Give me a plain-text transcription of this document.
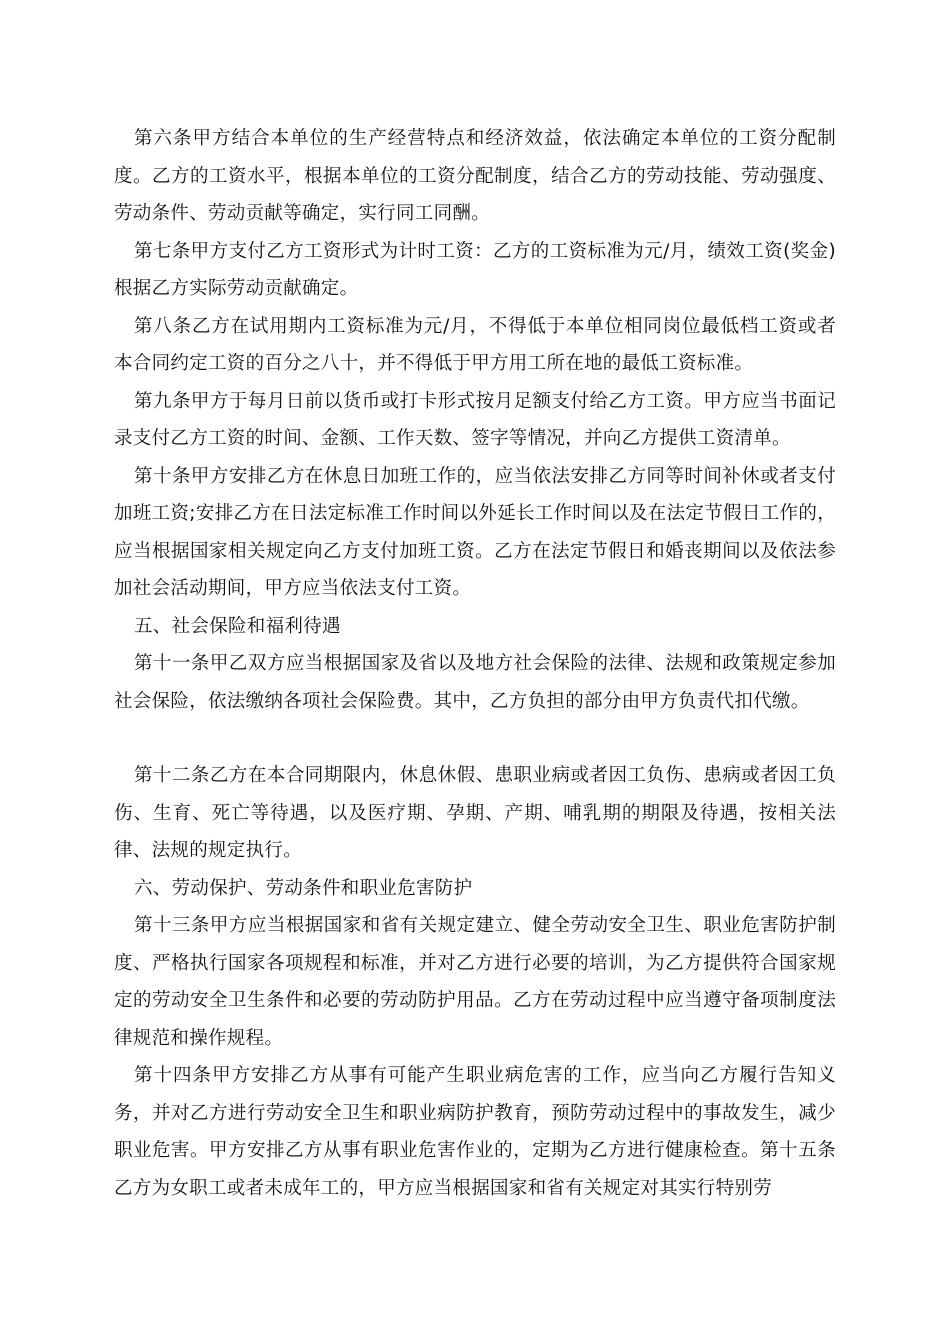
第六条甲方结合本单位的生产经营特点和经济效益，依法确定本单位的工资分配制度。乙方的工资水平，根据本单位的工资分配制度，结合乙方的劳动技能、劳动强度、劳动条件、劳动贡献等确定，实行同工同酬。

第七条甲方支付乙方工资形式为计时工资：乙方的工资标准为元/月，绩效工资(奖金)根据乙方实际劳动贡献确定。

第八条乙方在试用期内工资标准为元/月，不得低于本单位相同岗位最低档工资或者本合同约定工资的百分之八十，并不得低于甲方用工所在地的最低工资标准。

第九条甲方于每月日前以货币或打卡形式按月足额支付给乙方工资。甲方应当书面记录支付乙方工资的时间、金额、工作天数、签字等情况，并向乙方提供工资清单。

第十条甲方安排乙方在休息日加班工作的，应当依法安排乙方同等时间补休或者支付加班工资;安排乙方在日法定标准工作时间以外延长工作时间以及在法定节假日工作的，应当根据国家相关规定向乙方支付加班工资。乙方在法定节假日和婚丧期间以及依法参加社会活动期间，甲方应当依法支付工资。

五、社会保险和福利待遇

第十一条甲乙双方应当根据国家及省以及地方社会保险的法律、法规和政策规定参加社会保险，依法缴纳各项社会保险费。其中，乙方负担的部分由甲方负责代扣代缴。

第十二条乙方在本合同期限内，休息休假、患职业病或者因工负伤、患病或者因工负伤、生育、死亡等待遇，以及医疗期、孕期、产期、哺乳期的期限及待遇，按相关法律、法规的规定执行。

六、劳动保护、劳动条件和职业危害防护

第十三条甲方应当根据国家和省有关规定建立、健全劳动安全卫生、职业危害防护制度、严格执行国家各项规程和标准，并对乙方进行必要的培训，为乙方提供符合国家规定的劳动安全卫生条件和必要的劳动防护用品。乙方在劳动过程中应当遵守备项制度法律规范和操作规程。

第十四条甲方安排乙方从事有可能产生职业病危害的工作，应当向乙方履行告知义务，并对乙方进行劳动安全卫生和职业病防护教育，预防劳动过程中的事故发生，减少职业危害。甲方安排乙方从事有职业危害作业的，定期为乙方进行健康检查。第十五条乙方为女职工或者未成年工的，甲方应当根据国家和省有关规定对其实行特别劳
